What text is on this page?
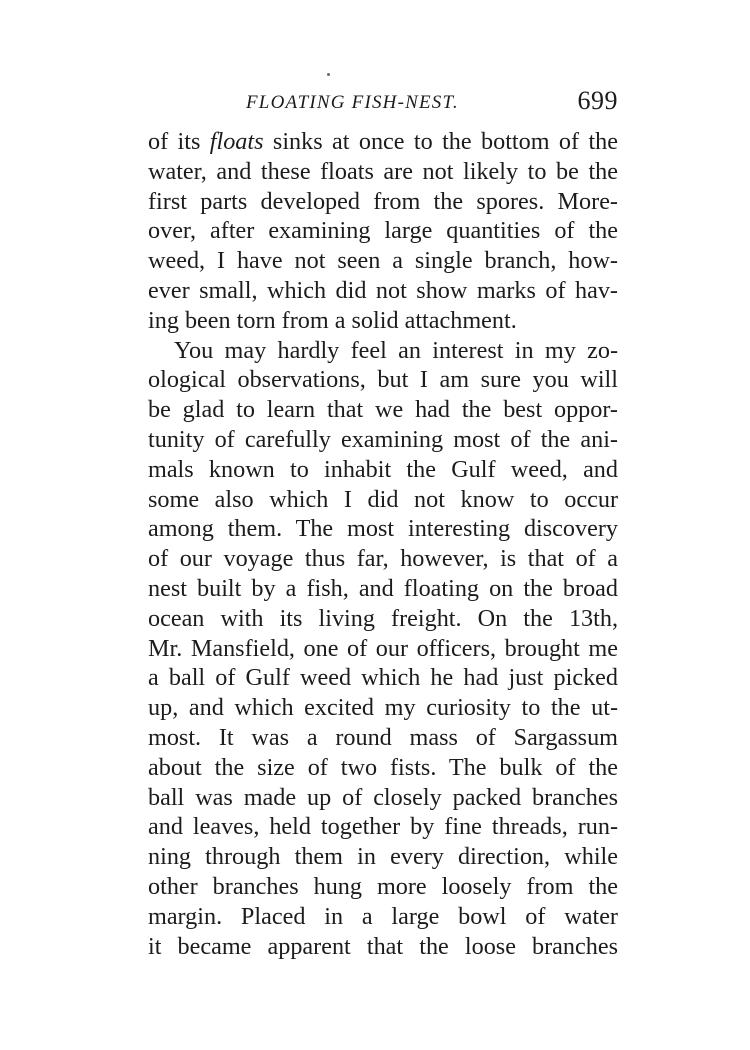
FLOATING FISH-NEST.	699
of its floats sinks at once to the bottom of the
water, and these floats are not likely to be the
first parts developed from the spores. More-
over, after examining large quantities of the
weed, I have not seen a single branch, how-
ever small, which did not show marks of hav-
ing been torn from a solid attachment.
You may hardly feel an interest in my zo-
ological observations, but I am sure you will
be glad to learn that we had the best oppor-
tunity of carefully examining most of the ani-
mals known to inhabit the Gulf weed, and
some also which I did not know to occur
among them. The most interesting discovery
of our voyage thus far, however, is that of a
nest built by a fish, and floating on the broad
ocean with its living freight. On the 13th,
Mr. Mansfield, one of our officers, brought me
a ball of Gulf weed which he had just picked
up, and which excited my curiosity to the ut-
most. It was a round mass of Sargassum
about the size of two fists. The bulk of the
ball was made up of closely packed branches
and leaves, held together by fine threads, run-
ning through them in every direction, while
other branches hung more loosely from the
margin. Placed in a large bowl of water
it became apparent that the loose branches
